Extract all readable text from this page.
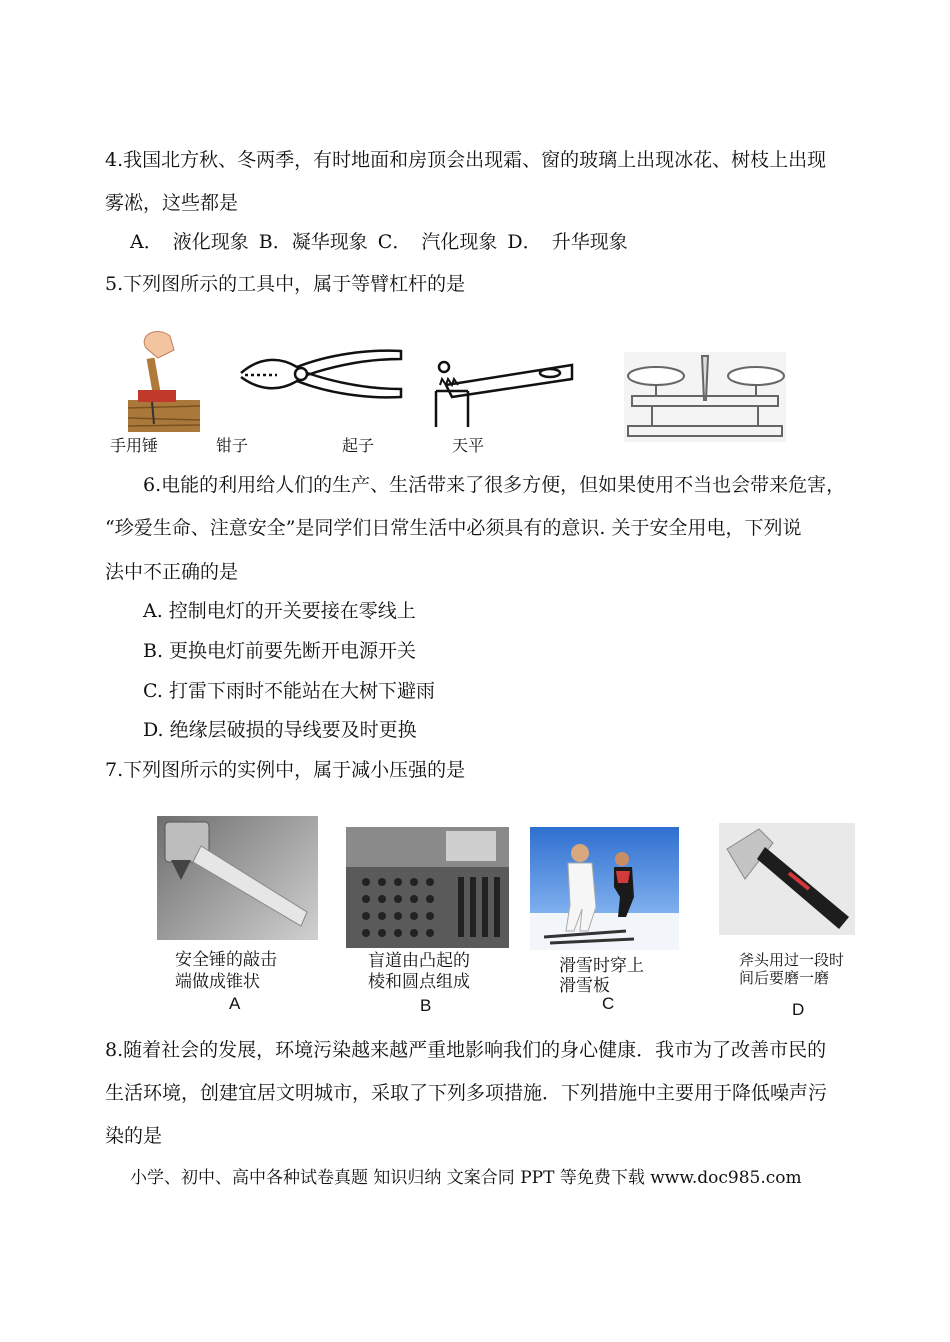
4.我国北方秋、冬两季，有时地面和房顶会出现霜、窗的玻璃上出现冰花、树枝上出现
雾凇，这些都是
A． 液化现象 B．凝华现象 C． 汽化现象 D． 升华现象
5.下列图所示的工具中，属于等臂杠杆的是
手用锤	钳子	起子	天平
6.电能的利用给人们的生产、生活带来了很多方便，但如果使用不当也会带来危害，
“珍爱生命、注意安全”是同学们日常生活中必须具有的意识. 关于安全用电，下列说
法中不正确的是
A. 控制电灯的开关要接在零线上
B. 更换电灯前要先断开电源开关
C. 打雷下雨时不能站在大树下避雨
D. 绝缘层破损的导线要及时更换
7.下列图所示的实例中，属于减小压强的是
安全锤的敲击
端做成锥状
A
盲道由凸起的
棱和圆点组成
B
滑雪时穿上
滑雪板
C
斧头用过一段时
间后要磨一磨
D
8.随着社会的发展，环境污染越来越严重地影响我们的身心健康．我市为了改善市民的
生活环境，创建宜居文明城市，采取了下列多项措施．下列措施中主要用于降低噪声污
染的是
小学、初中、高中各种试卷真题 知识归纳 文案合同 PPT 等免费下载 www.doc985.com
